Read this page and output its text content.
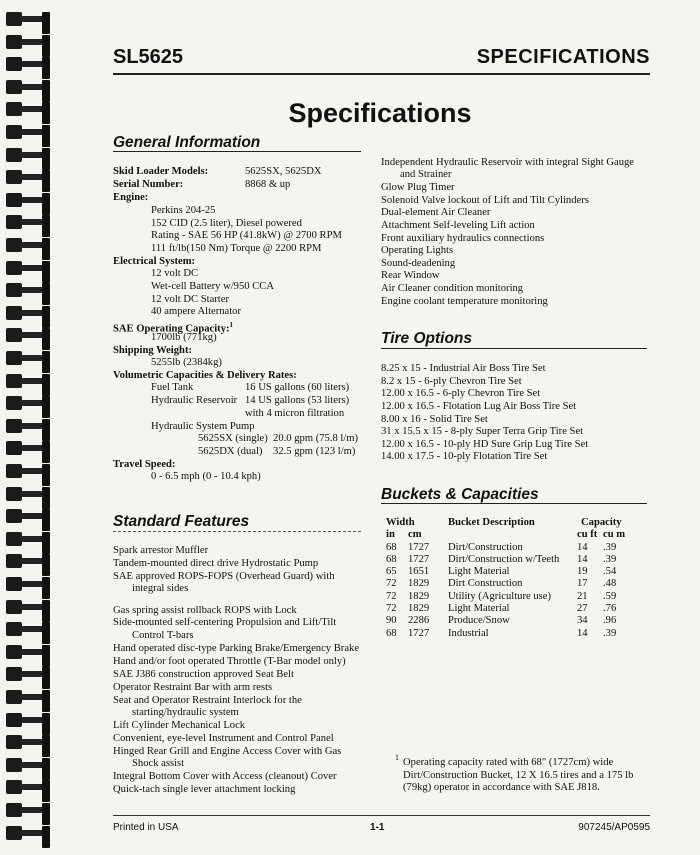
SL5625	SPECIFICATIONS
Specifications
General Information
Skid Loader Models:	5625SX, 5625DX
Serial Number:	8868 & up
Engine:
Perkins 204-25
152 CID (2.5 liter), Diesel powered
Rating - SAE 56 HP (41.8kW) @ 2700 RPM
111 ft/lb(150 Nm) Torque @ 2200 RPM
Electrical System:
12 volt DC
Wet-cell Battery w/950 CCA
12 volt DC Starter
40 ampere Alternator
SAE Operating Capacity:$^1$
1700lb (771kg)
Shipping Weight:
5255lb (2384kg)
Volumetric Capacities & Delivery Rates:
Fuel Tank	16 US gallons (60 liters)
Hydraulic Reservoir 14 US gallons (53 liters)
with 4 micron filtration
Hydraulic System Pump
5625SX (single)  20.0 gpm (75.8 l/m)
5625DX (dual)    32.5 gpm (123 l/m)
Travel Speed:
0 - 6.5 mph (0 - 10.4 kph)
Standard Features
Spark arrestor Muffler
Tandem-mounted direct drive Hydrostatic Pump
SAE approved ROPS-FOPS (Overhead Guard) with
integral sides
Gas spring assist rollback ROPS with Lock
Side-mounted self-centering Propulsion and Lift/Tilt
Control T-bars
Hand operated disc-type Parking Brake/Emergency Brake
Hand and/or foot operated Throttle (T-Bar model only)
SAE J386 construction approved Seat Belt
Operator Restraint Bar with arm rests
Seat and Operator Restraint Interlock for the
starting/hydraulic system
Lift Cylinder Mechanical Lock
Convenient, eye-level Instrument and Control Panel
Hinged Rear Grill and Engine Access Cover with Gas
Shock assist
Integral Bottom Cover with Access (cleanout) Cover
Quick-tach single lever attachment locking
Independent Hydraulic Reservoir with integral Sight Gauge
and Strainer
Glow Plug Timer
Solenoid Valve lockout of Lift and Tilt Cylinders
Dual-element Air Cleaner
Attachment Self-leveling Lift action
Front auxiliary hydraulics connections
Operating Lights
Sound-deadening
Rear Window
Air Cleaner condition monitoring
Engine coolant temperature monitoring
Tire Options
8.25 x 15 - Industrial Air Boss Tire Set
8.2 x 15 - 6-ply Chevron Tire Set
12.00 x 16.5 - 6-ply Chevron Tire Set
12.00 x 16.5 - Flotation Lug Air Boss Tire Set
8.00 x 16 - Solid Tire Set
31 x 15.5 x 15 - 8-ply Super Terra Grip Tire Set
12.00 x 16.5 - 10-ply HD Sure Grip Lug Tire Set
14.00 x 17.5 - 10-ply Flotation Tire Set
Buckets & Capacities
Width		Bucket Description	Capacity	
in	cm		cu ft	cu m
68	1727	Dirt/Construction	14	.39
68	1727	Dirt/Construction w/Teeth	14	.39
65	1651	Light Material	19	.54
72	1829	Dirt Construction	17	.48
72	1829	Utility (Agriculture use)	21	.59
72	1829	Light Material	27	.76
90	2286	Produce/Snow	34	.96
68	1727	Industrial	14	.39
1 Operating capacity rated with 68" (1727cm) wide
Dirt/Construction Bucket, 12 X 16.5 tires and a 175 lb
(79kg) operator in accordance with SAE J818.
Printed in USA	1-1	907245/AP0595
